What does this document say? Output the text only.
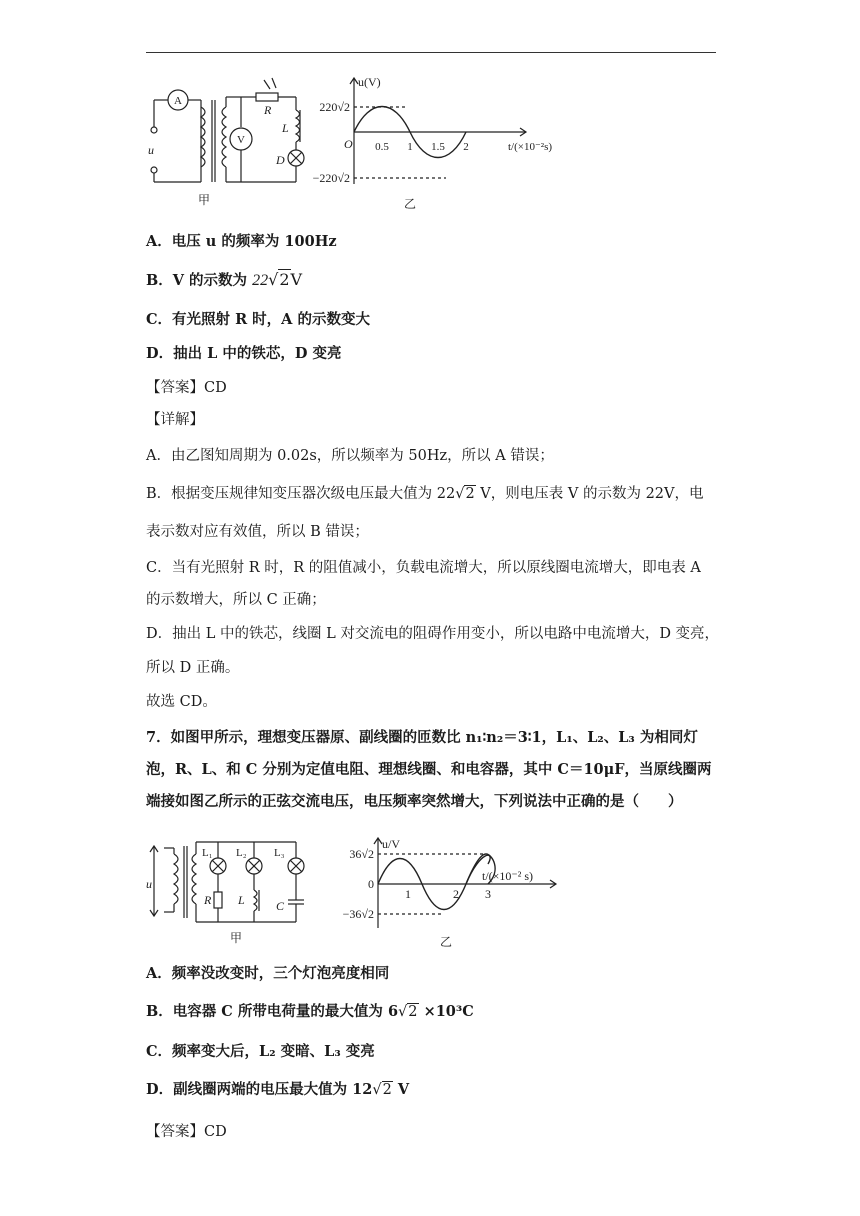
A
V
u
R
L
D
甲
u(V)
t/(×10⁻²s)
O 0.5 1 1.5 2
220√2
−220√2
乙
A．电压 u 的频率为 100Hz
B．V 的示数为 22√2V
C．有光照射 R 时，A 的示数变大
D．抽出 L 中的铁芯，D 变亮
【答案】CD
【详解】
A．由乙图知周期为 0.02s，所以频率为 50Hz，所以 A 错误；
B．根据变压规律知变压器次级电压最大值为 22√2 V，则电压表 V 的示数为 22V，电
表示数对应有效值，所以 B 错误；
C．当有光照射 R 时，R 的阻值减小，负载电流增大，所以原线圈电流增大，即电表 A
的示数增大，所以 C 正确；
D．抽出 L 中的铁芯，线圈 L 对交流电的阻碍作用变小，所以电路中电流增大，D 变亮，
所以 D 正确。
故选 CD。
7．如图甲所示，理想变压器原、副线圈的匝数比 n₁∶n₂＝3∶1，L₁、L₂、L₃ 为相同灯
泡，R、L、和 C 分别为定值电阻、理想线圈、和电容器，其中 C＝10μF，当原线圈两
端接如图乙所示的正弦交流电压，电压频率突然增大，下列说法中正确的是（　　）
u
L₁ L₂ L₃
R L	C
甲
u/V
t/(×10⁻² s)
0
1	2 3
36√2
−36√2
乙
A．频率没改变时，三个灯泡亮度相同
B．电容器 C 所带电荷量的最大值为 6√2 ×10³C
C．频率变大后，L₂ 变暗、L₃ 变亮
D．副线圈两端的电压最大值为 12√2 V
【答案】CD
